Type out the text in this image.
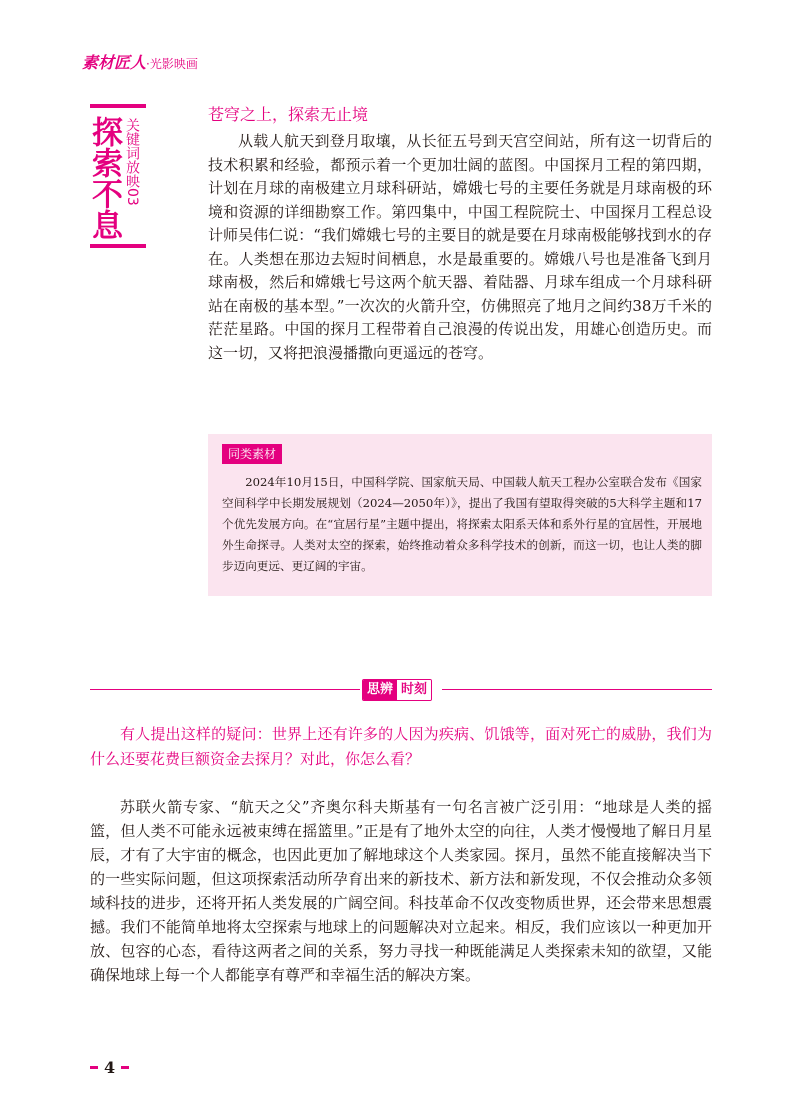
素材匠人·光影映画
探索不息 关键词放映03
苍穹之上，探索无止境

从载人航天到登月取壤，从长征五号到天宫空间站，所有这一切背后的技术积累和经验，都预示着一个更加壮阔的蓝图。中国探月工程的第四期，计划在月球的南极建立月球科研站，嫦娥七号的主要任务就是月球南极的环境和资源的详细勘察工作。第四集中，中国工程院院士、中国探月工程总设计师吴伟仁说：“我们嫦娥七号的主要目的就是要在月球南极能够找到水的存在。人类想在那边去短时间栖息，水是最重要的。嫦娥八号也是准备飞到月球南极，然后和嫦娥七号这两个航天器、着陆器、月球车组成一个月球科研站在南极的基本型。”一次次的火箭升空，仿佛照亮了地月之间约38万千米的茫茫星路。中国的探月工程带着自己浪漫的传说出发，用雄心创造历史。而这一切，又将把浪漫播撒向更遥远的苍穹。

同类素材

2024年10月15日，中国科学院、国家航天局、中国载人航天工程办公室联合发布《国家空间科学中长期发展规划（2024—2050年）》，提出了我国有望取得突破的5大科学主题和17个优先发展方向。在“宜居行星”主题中提出，将探索太阳系天体和系外行星的宜居性，开展地外生命探寻。人类对太空的探索，始终推动着众多科学技术的创新，而这一切，也让人类的脚步迈向更远、更辽阔的宇宙。

思辨 时刻

有人提出这样的疑问：世界上还有许多的人因为疾病、饥饿等，面对死亡的威胁，我们为什么还要花费巨额资金去探月？对此，你怎么看？

苏联火箭专家、“航天之父”齐奥尔科夫斯基有一句名言被广泛引用：“地球是人类的摇篮，但人类不可能永远被束缚在摇篮里。”正是有了地外太空的向往，人类才慢慢地了解日月星辰，才有了大宇宙的概念，也因此更加了解地球这个人类家园。探月，虽然不能直接解决当下的一些实际问题，但这项探索活动所孕育出来的新技术、新方法和新发现，不仅会推动众多领域科技的进步，还将开拓人类发展的广阔空间。科技革命不仅改变物质世界，还会带来思想震撼。我们不能简单地将太空探索与地球上的问题解决对立起来。相反，我们应该以一种更加开放、包容的心态，看待这两者之间的关系，努力寻找一种既能满足人类探索未知的欲望，又能确保地球上每一个人都能享有尊严和幸福生活的解决方案。

4
